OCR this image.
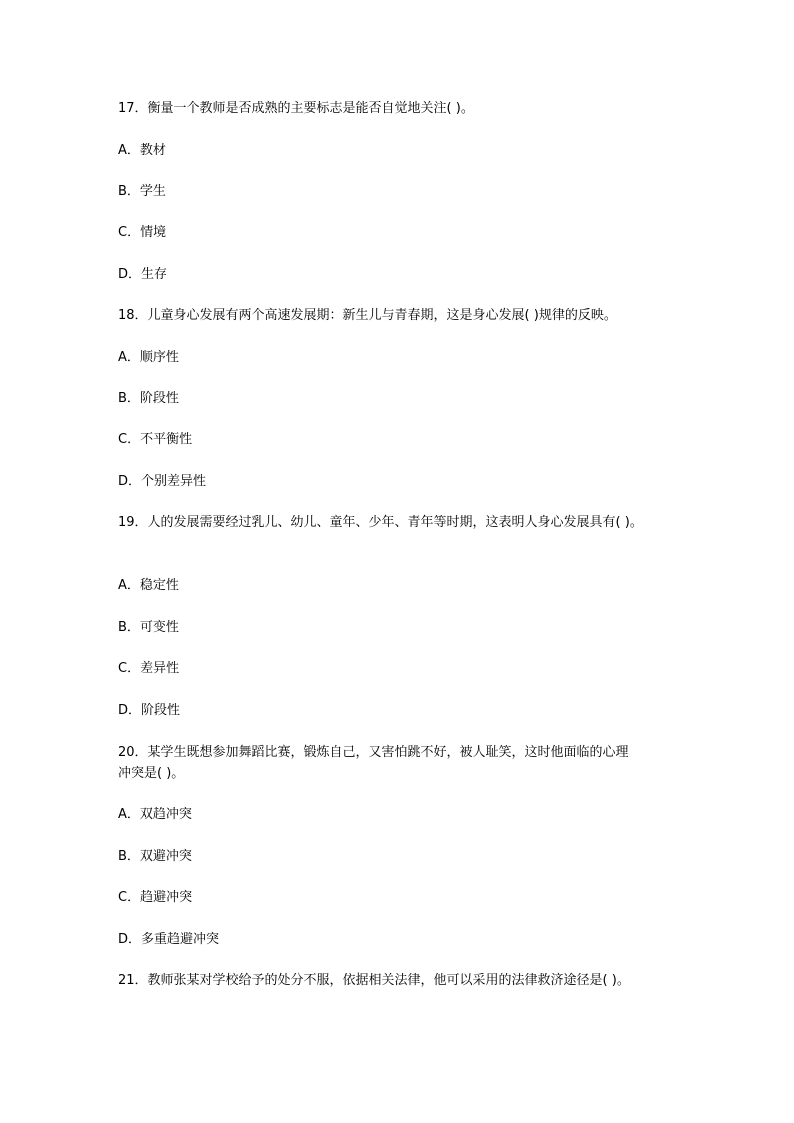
17．衡量一个教师是否成熟的主要标志是能否自觉地关注( )。
A．教材
B．学生
C．情境
D．生存
18．儿童身心发展有两个高速发展期：新生儿与青春期，这是身心发展( )规律的反映。
A．顺序性
B．阶段性
C．不平衡性
D．个别差异性
19．人的发展需要经过乳儿、幼儿、童年、少年、青年等时期，这表明人身心发展具有( )。
A．稳定性
B．可变性
C．差异性
D．阶段性
20．某学生既想参加舞蹈比赛，锻炼自己，又害怕跳不好，被人耻笑，这时他面临的心理
冲突是( )。
A．双趋冲突
B．双避冲突
C．趋避冲突
D．多重趋避冲突
21．教师张某对学校给予的处分不服，依据相关法律，他可以采用的法律救济途径是( )。
